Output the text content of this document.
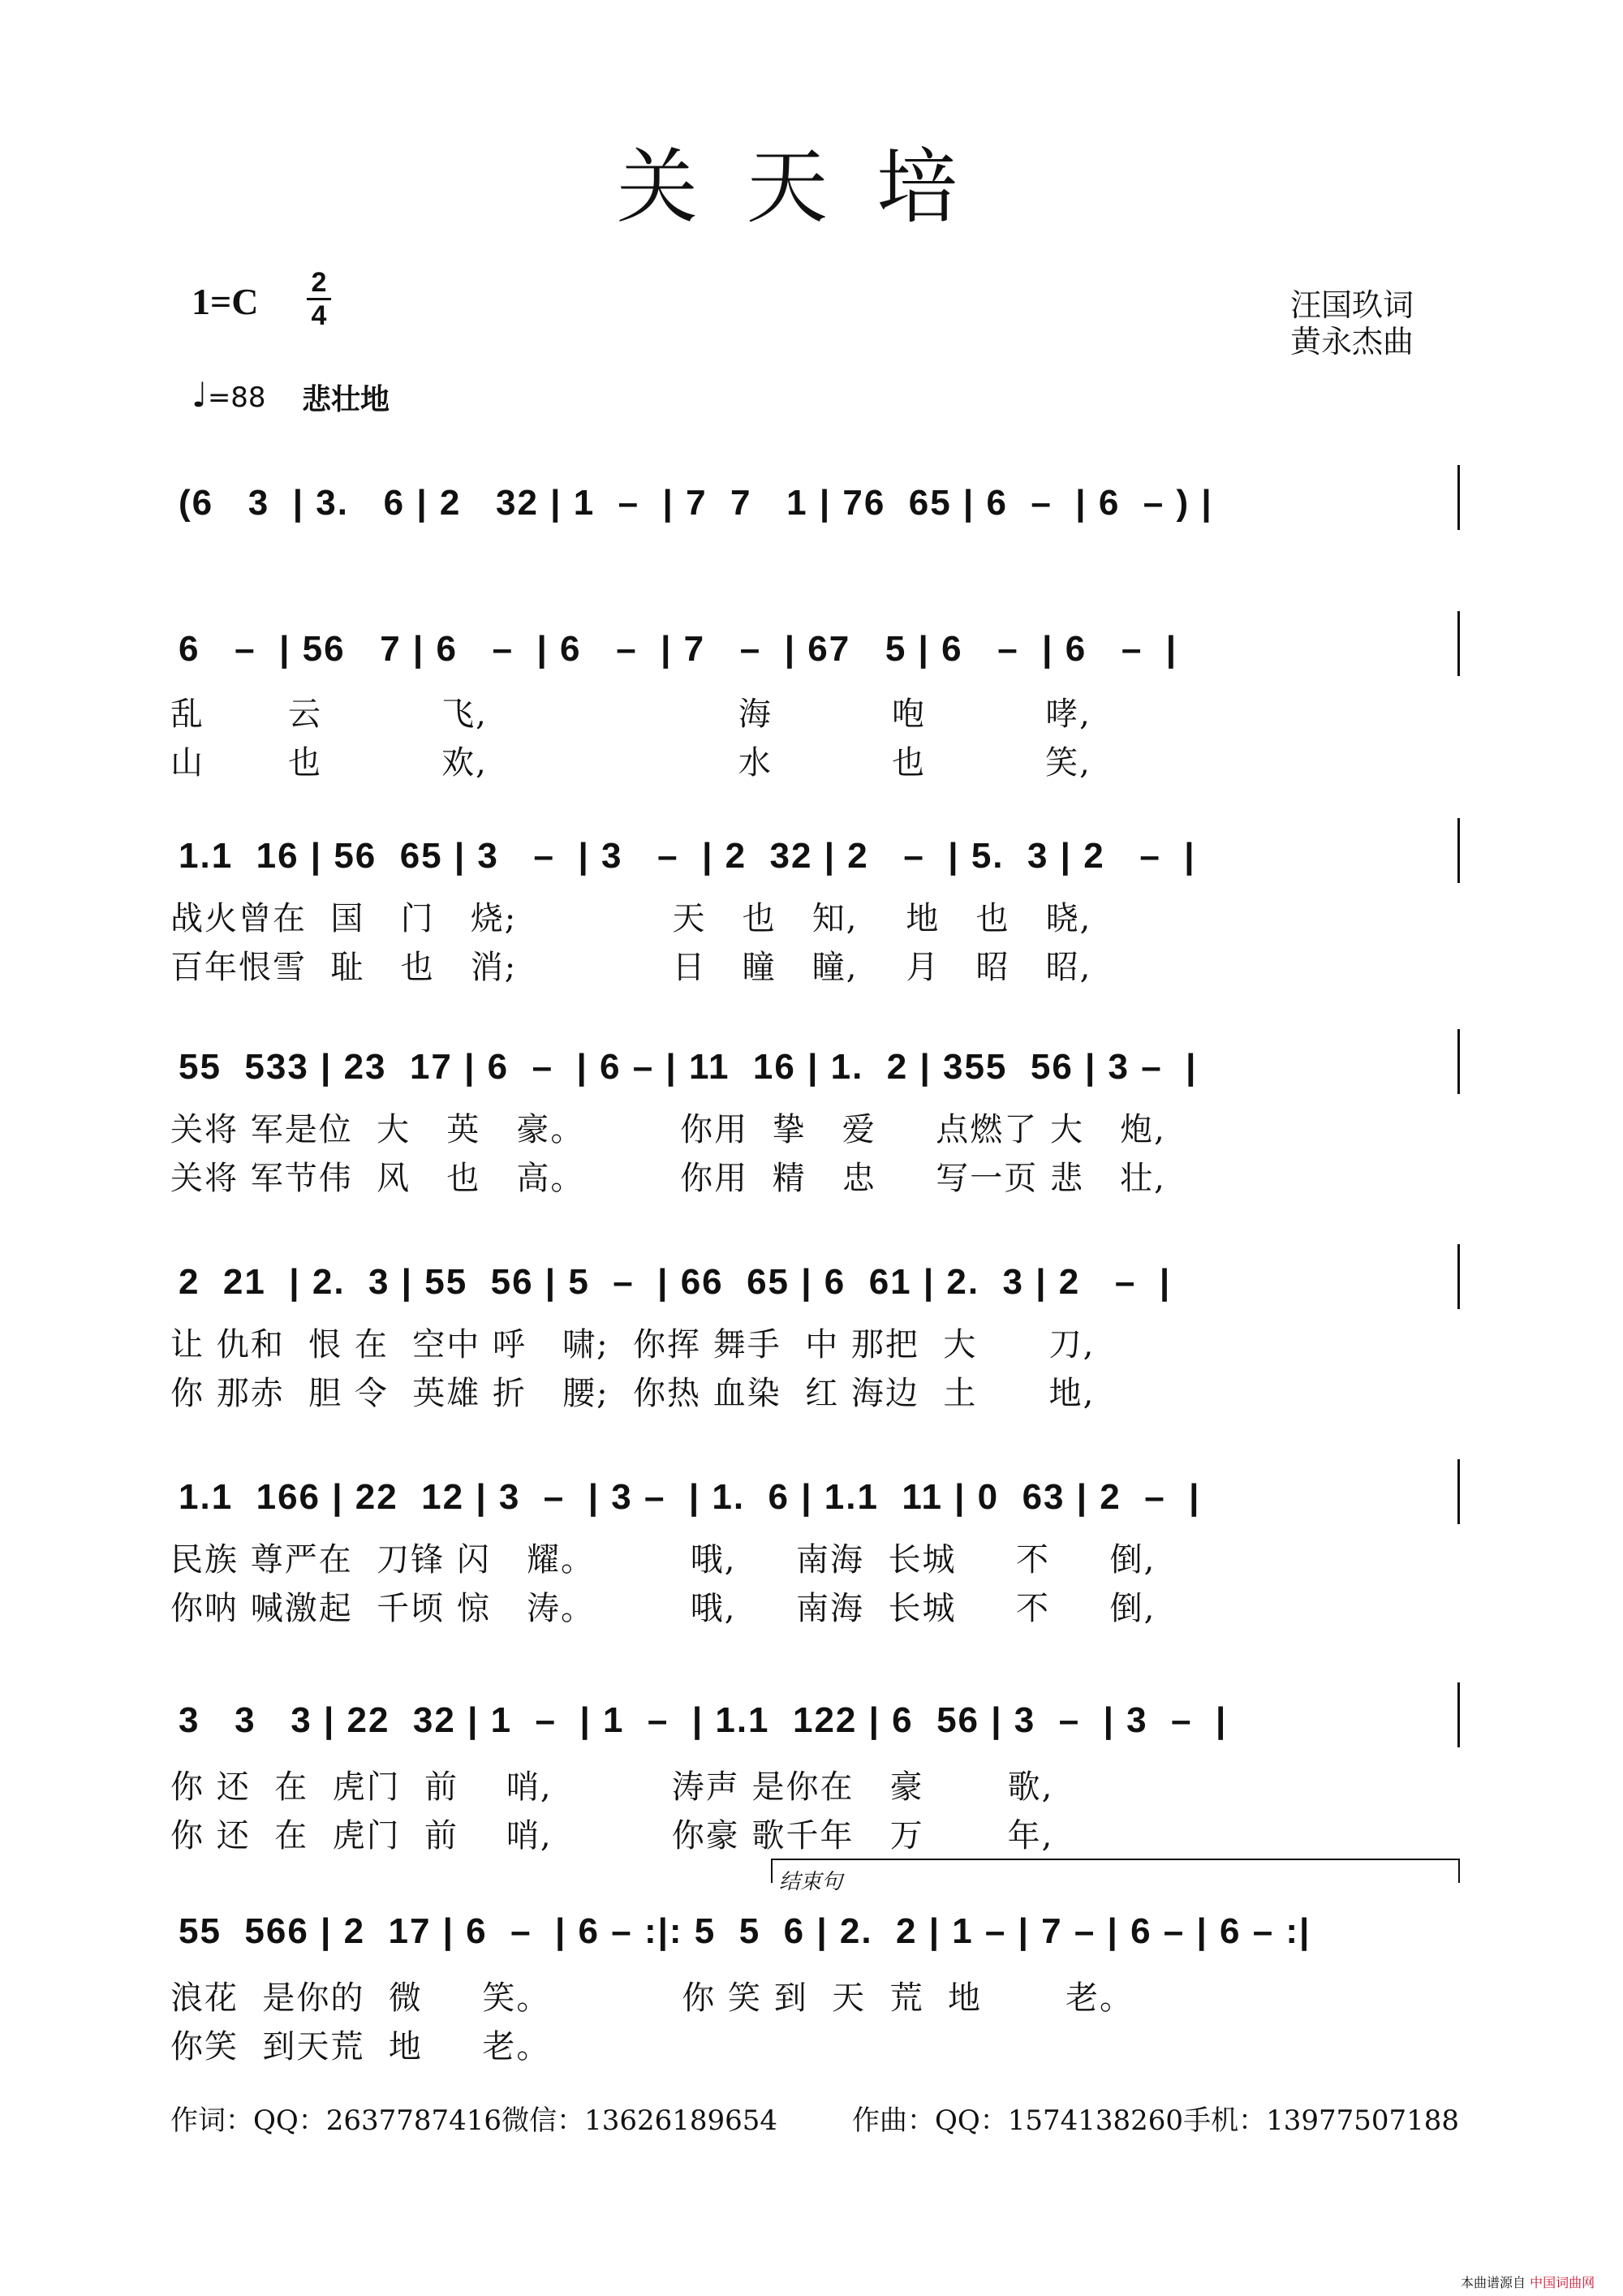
关天培
1=C 2
4	汪国玖词
黄永杰曲
♩=88 悲壮地
(6   3  | 3.   6 | 2   32 | 1  –  | 7  7   1 | 76  65 | 6  –  | 6  – ) |
6   –  | 56   7 | 6   –  | 6   –  | 7   –  | 67   5 | 6   –  | 6   –  |
乱       云          飞,                     海          咆          哮,
山       也          欢,                     水          也          笑,
1.1  16 | 56  65 | 3   –  | 3   –  | 2  32 | 2   –  | 5.  3 | 2   –  |
战火曾在  国   门   烧;             天   也   知,    地   也   晓,
百年恨雪  耻   也   消;             日   瞳   瞳,    月   昭   昭,
55  533 | 23  17 | 6  –  | 6 – | 11  16 | 1.  2 | 355  56 | 3 –  |
关将 军是位  大   英   豪。        你用  挚   爱     点燃了 大   炮,
关将 军节伟  风   也   高。        你用  精   忠     写一页 悲   壮,
2  21  | 2.  3 | 55  56 | 5  –  | 66  65 | 6  61 | 2.  3 | 2   –  |
让 仇和  恨 在  空中 呼   啸;  你挥 舞手  中 那把  大      刀,
你 那赤  胆 令  英雄 折   腰;  你热 血染  红 海边  土      地,
1.1  166 | 22  12 | 3  –  | 3 –  | 1.  6 | 1.1  11 | 0  63 | 2  –  |
民族 尊严在  刀锋 闪   耀。        哦,     南海  长城     不     倒,
你呐 喊激起  千顷 惊   涛。        哦,     南海  长城     不     倒,
3   3   3 | 22  32 | 1  –  | 1  –  | 1.1  122 | 6  56 | 3  –  | 3  –  |
你 还  在  虎门  前    哨,          涛声 是你在   豪       歌,
你 还  在  虎门  前    哨,          你豪 歌千年   万       年,
结束句
55  566 | 2  17 | 6  –  | 6 – :|: 5  5  6 | 2.  2 | 1 – | 7 – | 6 – | 6 – :|
浪花  是你的  微     笑。           你 笑 到  天  荒  地       老。
你笑  到天荒  地     老。
作词：QQ：2637787416微信：13626189654	作曲：QQ：1574138260手机：13977507188
本曲谱源自 中国词曲网
